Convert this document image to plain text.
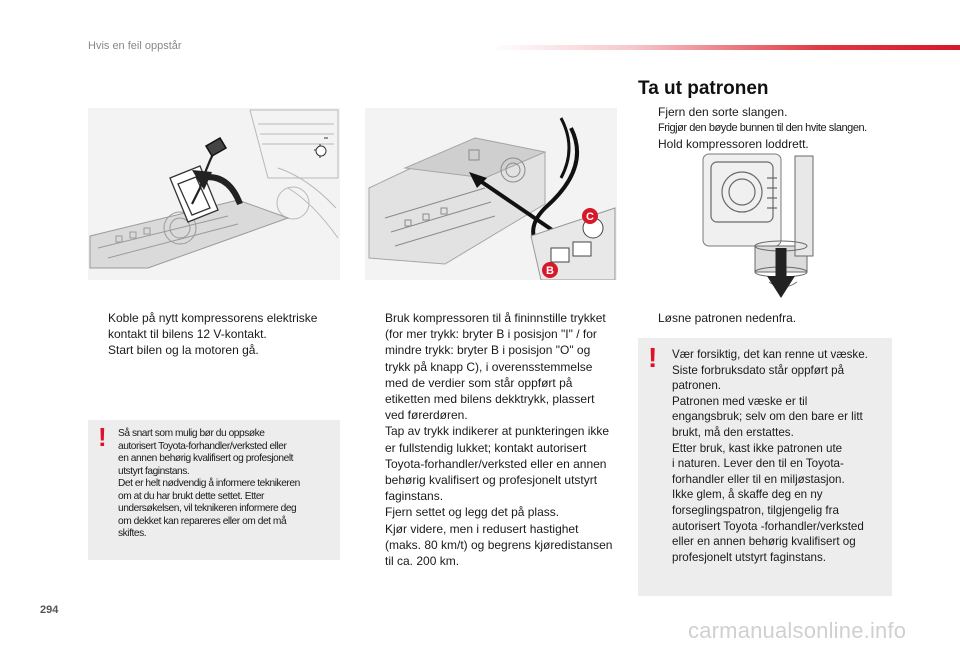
Hvis en feil oppstår
C
B
Koble på nytt kompressorens elektriske
kontakt til bilens 12 V-kontakt.
Start bilen og la motoren gå.
! Så snart som mulig bør du oppsøke
autorisert Toyota-forhandler/verksted eller
en annen behørig kvalifisert og profesjonelt
utstyrt faginstans.
Det er helt nødvendig å informere teknikeren
om at du har brukt dette settet. Etter
undersøkelsen, vil teknikeren informere deg
om dekket kan repareres eller om det må
skiftes.
Bruk kompressoren til å fininnstille trykket
(for mer trykk: bryter B i posisjon "I" / for
mindre trykk: bryter B i posisjon "O" og
trykk på knapp C), i overensstemmelse
med de verdier som står oppført på
etiketten med bilens dekktrykk, plassert
ved førerdøren.
Tap av trykk indikerer at punkteringen ikke
er fullstendig lukket; kontakt autorisert
Toyota-forhandler/verksted eller en annen
behørig kvalifisert og profesjonelt utstyrt
faginstans.
Fjern settet og legg det på plass.
Kjør videre, men i redusert hastighet
(maks. 80 km/t) og begrens kjøredistansen
til ca. 200 km.
Ta ut patronen
Fjern den sorte slangen.
Frigjør den bøyde bunnen til den hvite slangen.
Hold kompressoren loddrett.
Løsne patronen nedenfra.
! Vær forsiktig, det kan renne ut væske.
Siste forbruksdato står oppført på
patronen.
Patronen med væske er til
engangsbruk; selv om den bare er litt
brukt, må den erstattes.
Etter bruk, kast ikke patronen ute
i naturen. Lever den til en Toyota-
forhandler eller til en miljøstasjon.
Ikke glem, å skaffe deg en ny
forseglingspatron, tilgjengelig fra
autorisert Toyota -forhandler/verksted
eller en annen behørig kvalifisert og
profesjonelt utstyrt faginstans.
294
carmanualsonline.info
